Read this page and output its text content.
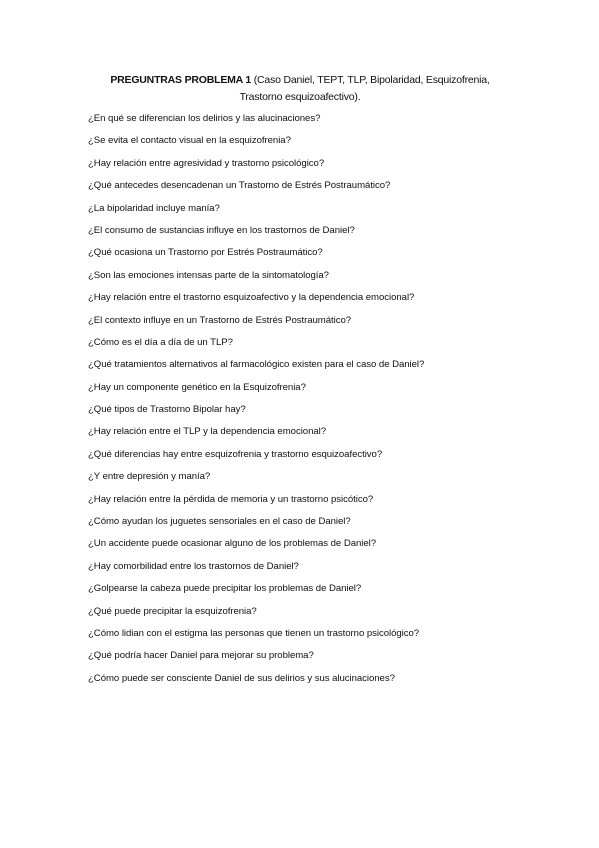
PREGUNTRAS PROBLEMA 1 (Caso Daniel, TEPT, TLP, Bipolaridad, Esquizofrenia,
Trastorno esquizoafectivo).
¿En qué se diferencian los delirios y las alucinaciones?
¿Se evita el contacto visual en la esquizofrenia?
¿Hay relación entre agresividad y trastorno psicológico?
¿Qué antecedes desencadenan un Trastorno de Estrés Postraumático?
¿La bipolaridad incluye manía?
¿El consumo de sustancias influye en los trastornos de Daniel?
¿Qué ocasiona un Trastorno por Estrés Postraumático?
¿Son las emociones intensas parte de la sintomatología?
¿Hay relación entre el trastorno esquizoafectivo y la dependencia emocional?
¿El contexto influye en un Trastorno de Estrés Postraumático?
¿Cómo es el día a día de un TLP?
¿Qué tratamientos alternativos al farmacológico existen para el caso de Daniel?
¿Hay un componente genético en la Esquizofrenia?
¿Qué tipos de Trastorno Bipolar hay?
¿Hay relación entre el TLP y la dependencia emocional?
¿Qué diferencias hay entre esquizofrenia y trastorno esquizoafectivo?
¿Y entre depresión y manía?
¿Hay relación entre la pérdida de memoria y un trastorno psicótico?
¿Cómo ayudan los juguetes sensoriales en el caso de Daniel?
¿Un accidente puede ocasionar alguno de los problemas de Daniel?
¿Hay comorbilidad entre los trastornos de Daniel?
¿Golpearse la cabeza puede precipitar los problemas de Daniel?
¿Qué puede precipitar la esquizofrenia?
¿Cómo lidian con el estigma las personas que tienen un trastorno psicológico?
¿Qué podría hacer Daniel para mejorar su problema?
¿Cómo puede ser consciente Daniel de sus delirios y sus alucinaciones?
